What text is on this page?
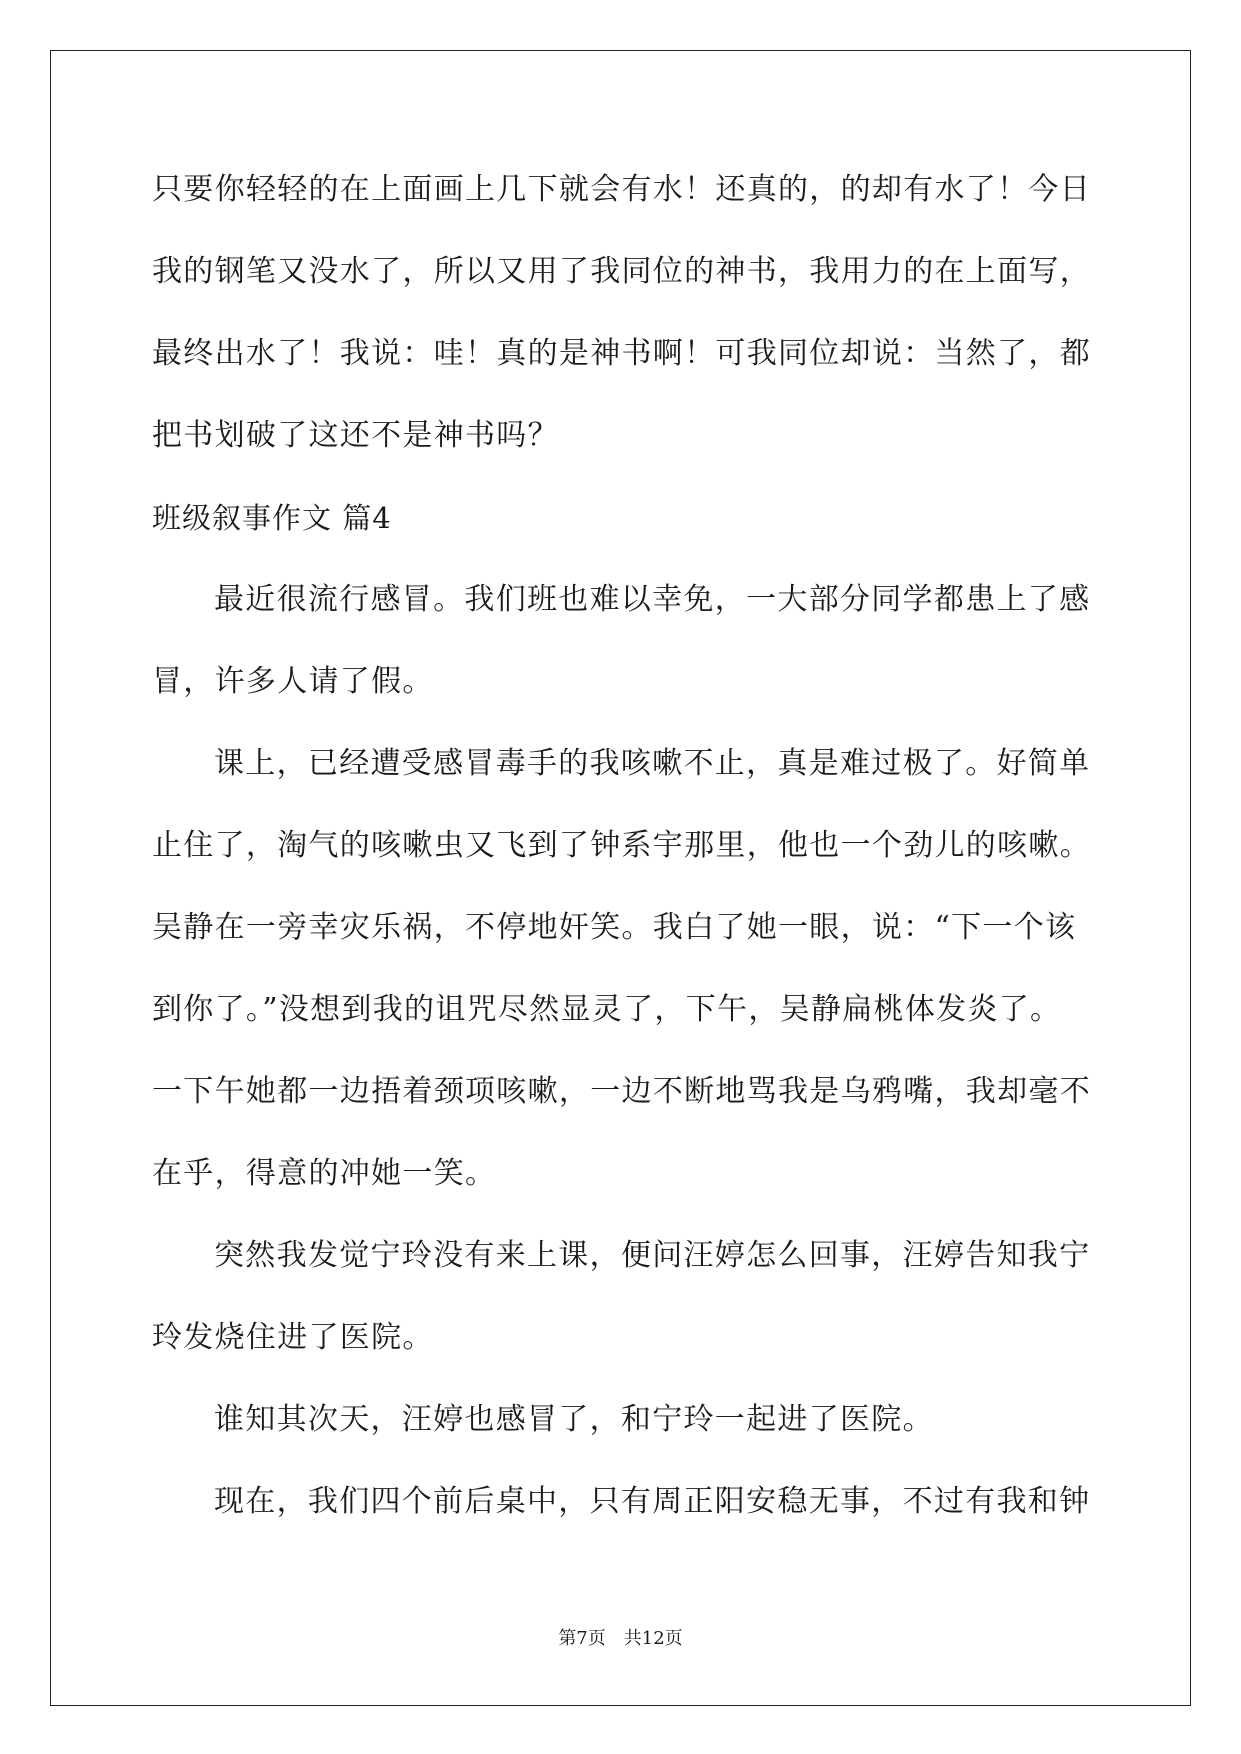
只要你轻轻的在上面画上几下就会有水！还真的，的却有水了！今日
我的钢笔又没水了，所以又用了我同位的神书，我用力的在上面写，
最终出水了！我说：哇！真的是神书啊！可我同位却说：当然了，都
把书划破了这还不是神书吗？
班级叙事作文 篇4
最近很流行感冒。我们班也难以幸免，一大部分同学都患上了感
冒，许多人请了假。
课上，已经遭受感冒毒手的我咳嗽不止，真是难过极了。好简单
止住了，淘气的咳嗽虫又飞到了钟系宇那里，他也一个劲儿的咳嗽。
吴静在一旁幸灾乐祸，不停地奸笑。我白了她一眼，说：“下一个该
到你了。”没想到我的诅咒尽然显灵了，下午，吴静扁桃体发炎了。
一下午她都一边捂着颈项咳嗽，一边不断地骂我是乌鸦嘴，我却毫不
在乎，得意的冲她一笑。
突然我发觉宁玲没有来上课，便问汪婷怎么回事，汪婷告知我宁
玲发烧住进了医院。
谁知其次天，汪婷也感冒了，和宁玲一起进了医院。
现在，我们四个前后桌中，只有周正阳安稳无事，不过有我和钟
第7页 共12页
